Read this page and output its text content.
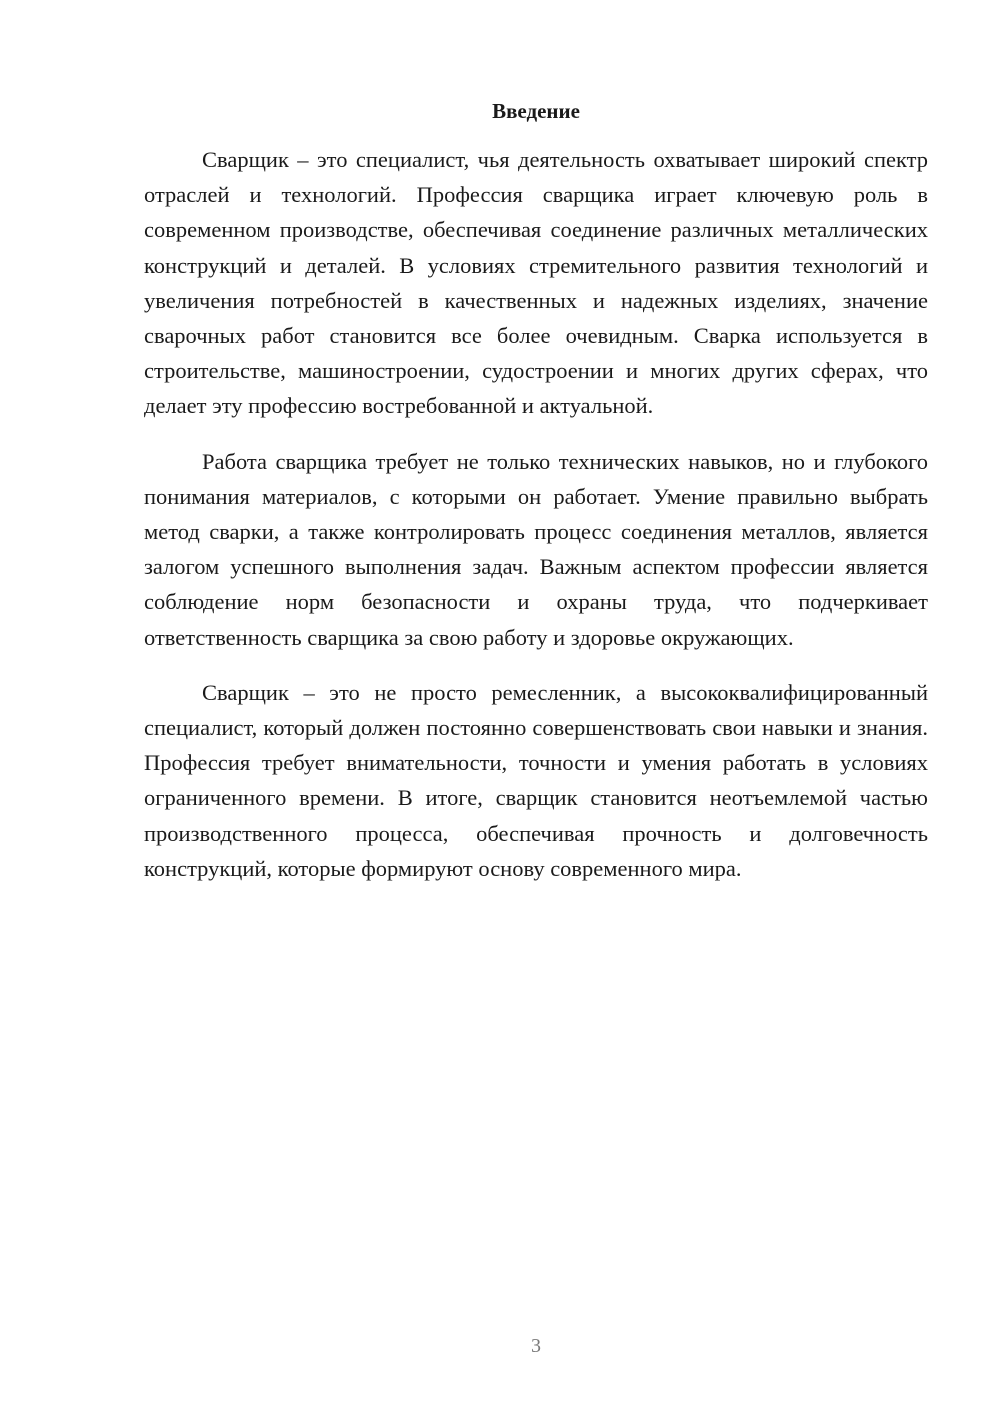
Введение

Сварщик – это специалист, чья деятельность охватывает широкий спектр отраслей и технологий. Профессия сварщика играет ключевую роль в современном производстве, обеспечивая соединение различных металлических конструкций и деталей. В условиях стремительного развития технологий и увеличения потребностей в качественных и надежных изделиях, значение сварочных работ становится все более очевидным. Сварка используется в строительстве, машиностроении, судостроении и многих других сферах, что делает эту профессию востребованной и актуальной.

Работа сварщика требует не только технических навыков, но и глубокого понимания материалов, с которыми он работает. Умение правильно выбрать метод сварки, а также контролировать процесс соединения металлов, является залогом успешного выполнения задач. Важным аспектом профессии является соблюдение норм безопасности и охраны труда, что подчеркивает ответственность сварщика за свою работу и здоровье окружающих.

Сварщик – это не просто ремесленник, а высококвалифицированный специалист, который должен постоянно совершенствовать свои навыки и знания. Профессия требует внимательности, точности и умения работать в условиях ограниченного времени. В итоге, сварщик становится неотъемлемой частью производственного процесса, обеспечивая прочность и долговечность конструкций, которые формируют основу современного мира.

3
